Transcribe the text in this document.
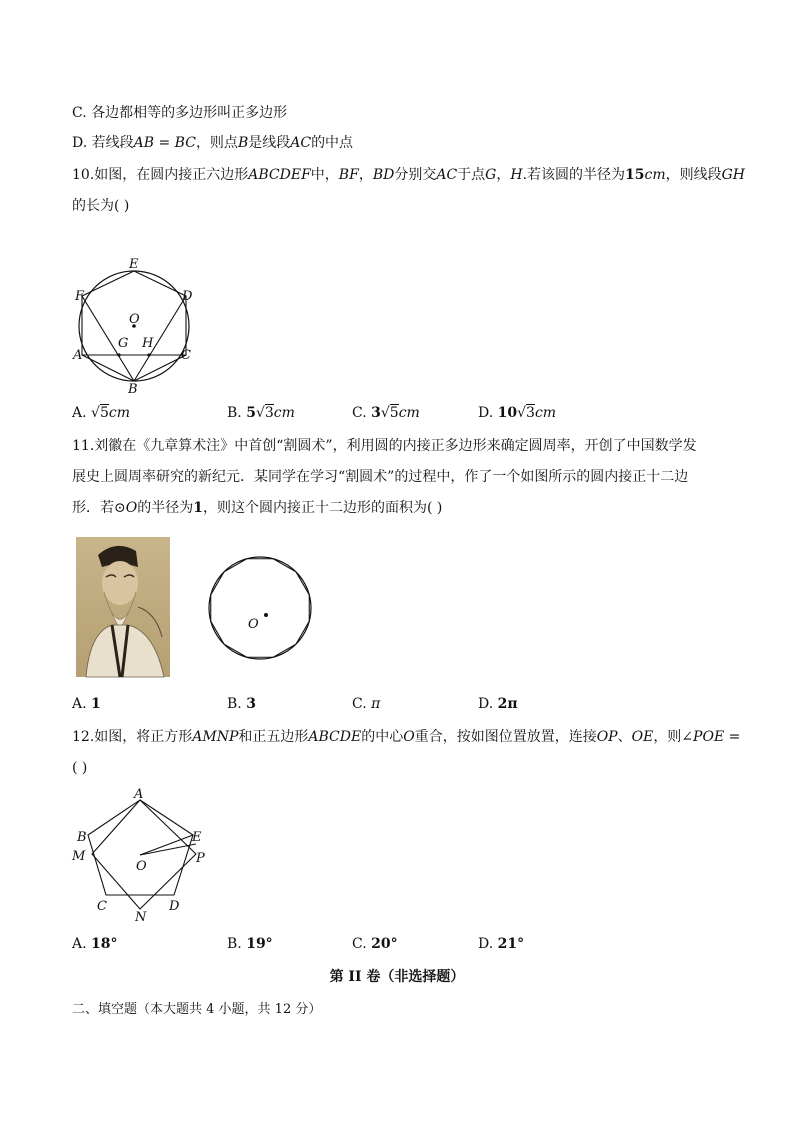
C. 各边都相等的多边形叫正多边形
D. 若线段AB = BC，则点B是线段AC的中点
10.如图，在圆内接正六边形ABCDEF中，BF，BD分别交AC于点G，H.若该圆的半径为15cm，则线段GH
的长为( )
E
F	D
O
A
G H
C
B
A. √5cm	B. 5√3cm	C. 3√5cm	D. 10√3cm
11.刘徽在《九章算术注》中首创“割圆术”，利用圆的内接正多边形来确定圆周率，开创了中国数学发
展史上圆周率研究的新纪元．某同学在学习“割圆术”的过程中，作了一个如图所示的圆内接正十二边
形．若⊙O的半径为1，则这个圆内接正十二边形的面积为( )
O
A. 1	B. 3	C. π	D. 2π
12.如图，将正方形AMNP和正五边形ABCDE的中心O重合，按如图位置放置，连接OP、OE，则∠POE =
( )
A
B
M
E
P
O
C
N
D
A. 18°	B. 19°	C. 20°	D. 21°
第 II 卷（非选择题）
二、填空题（本大题共 4 小题，共 12 分）
